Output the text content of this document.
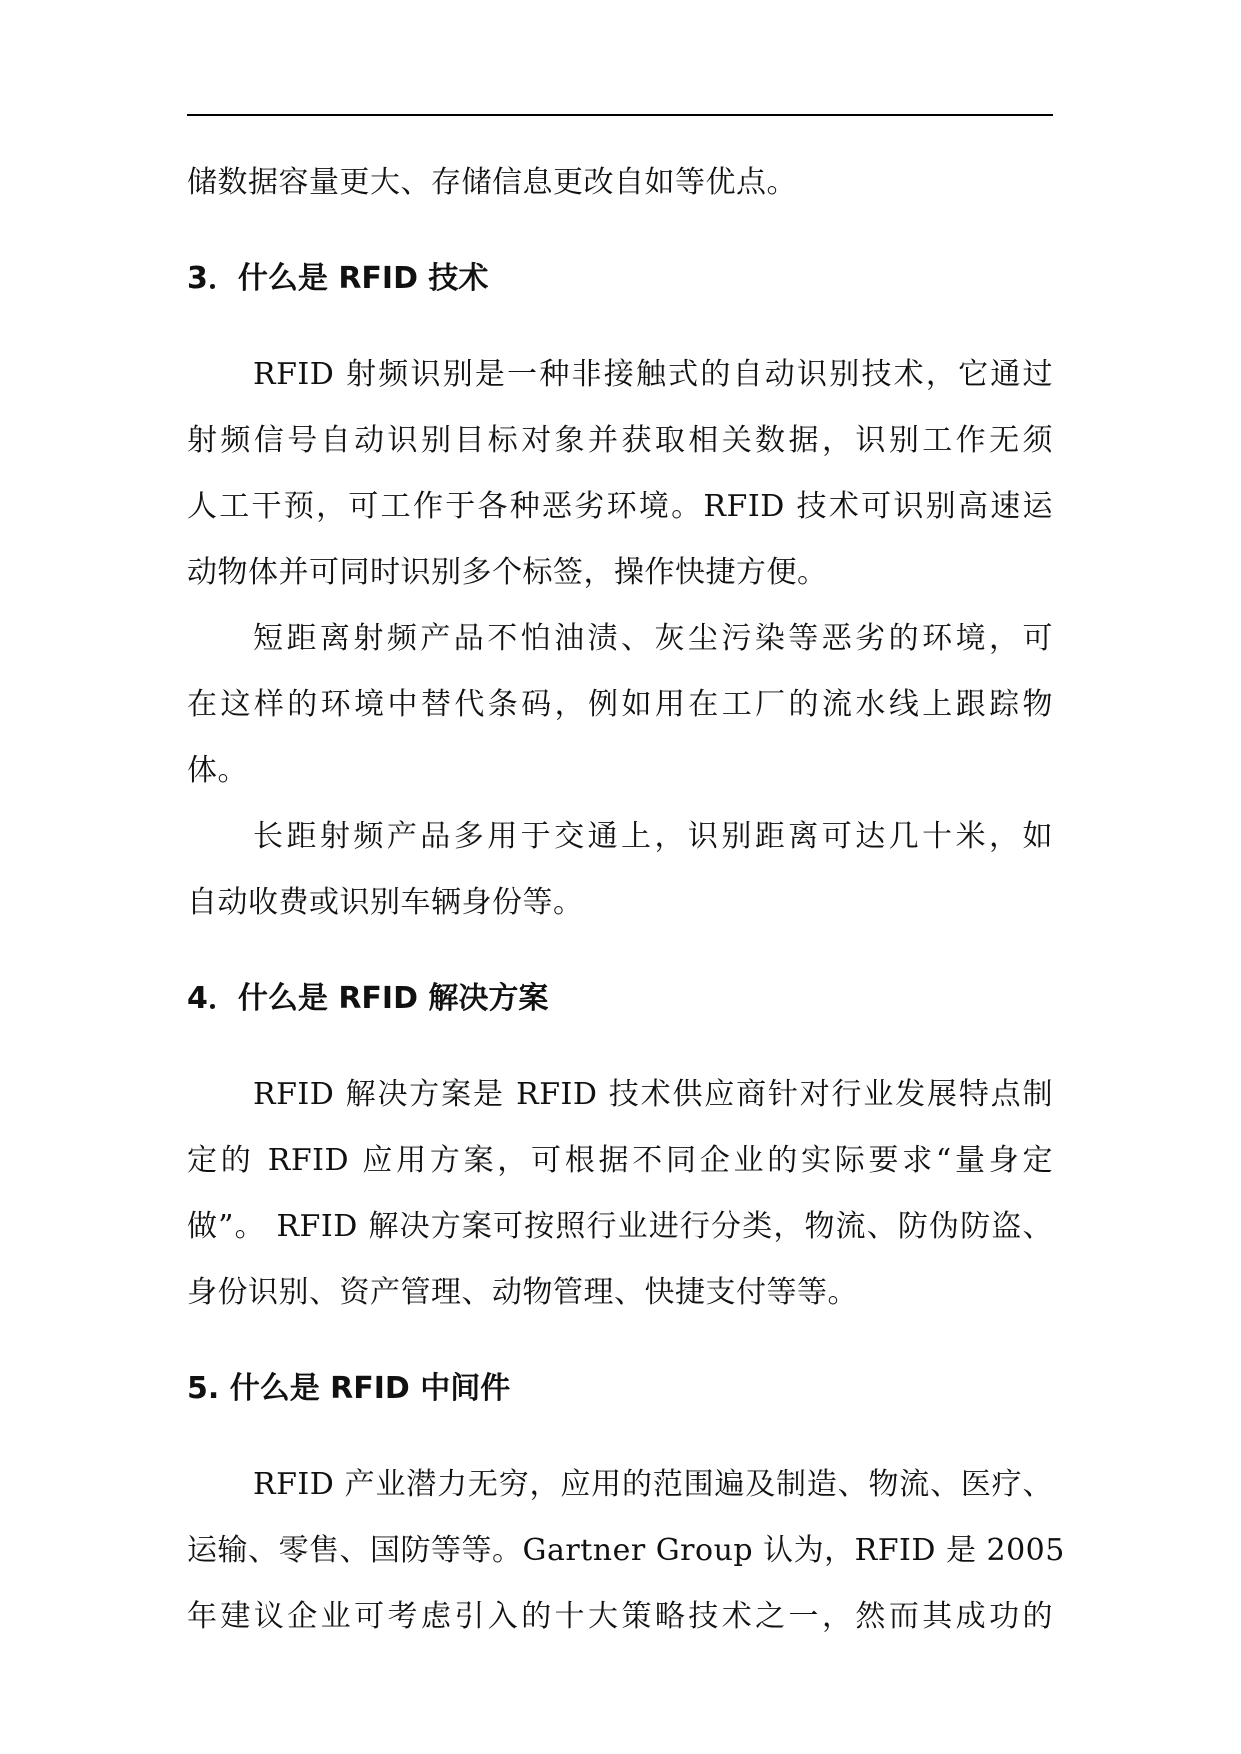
储数据容量更大、存储信息更改自如等优点。
3．什么是 RFID 技术
RFID 射频识别是一种非接触式的自动识别技术，它通过
射频信号自动识别目标对象并获取相关数据，识别工作无须
人工干预，可工作于各种恶劣环境。RFID 技术可识别高速运
动物体并可同时识别多个标签，操作快捷方便。
短距离射频产品不怕油渍、灰尘污染等恶劣的环境，可
在这样的环境中替代条码，例如用在工厂的流水线上跟踪物
体。
长距射频产品多用于交通上，识别距离可达几十米，如
自动收费或识别车辆身份等。
4．什么是 RFID 解决方案
RFID 解决方案是 RFID 技术供应商针对行业发展特点制
定的 RFID 应用方案，可根据不同企业的实际要求“量身定
做”。 RFID 解决方案可按照行业进行分类，物流、防伪防盗、
身份识别、资产管理、动物管理、快捷支付等等。
5. 什么是 RFID 中间件
RFID 产业潜力无穷，应用的范围遍及制造、物流、医疗、
运输、零售、国防等等。Gartner Group 认为，RFID 是 2005
年建议企业可考虑引入的十大策略技术之一，然而其成功的
